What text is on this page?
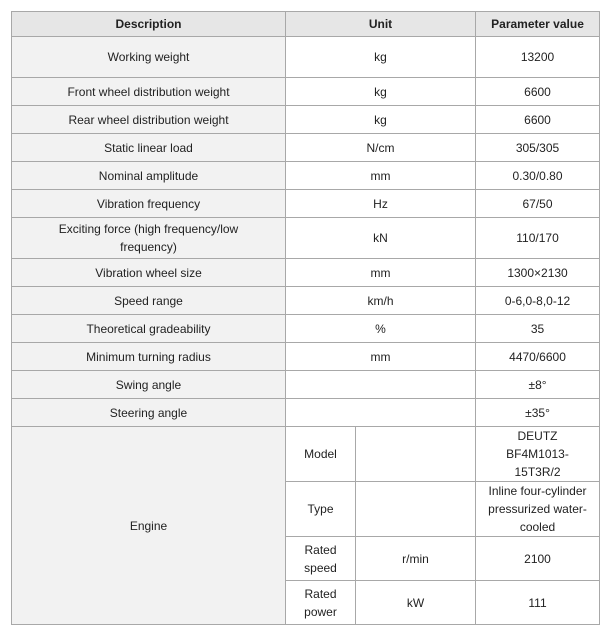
Description	Unit		Parameter value
Working weight	kg		13200
Front wheel distribution weight	kg		6600
Rear wheel distribution weight	kg		6600
Static linear load	N/cm		305/305
Nominal amplitude	mm		0.30/0.80
Vibration frequency	Hz		67/50
Exciting force (high frequency/low frequency)	kN		110/170
Vibration wheel size	mm		1300×2130
Speed range	km/h		0-6,0-8,0-12
Theoretical gradeability	%		35
Minimum turning radius	mm		4470/6600
Swing angle			±8°
Steering angle			±35°
Engine	Model		DEUTZ BF4M1013-15T3R/2
	Type		Inline four-cylinder pressurized water-cooled
	Rated speed	r/min	2100
	Rated power	kW	111
